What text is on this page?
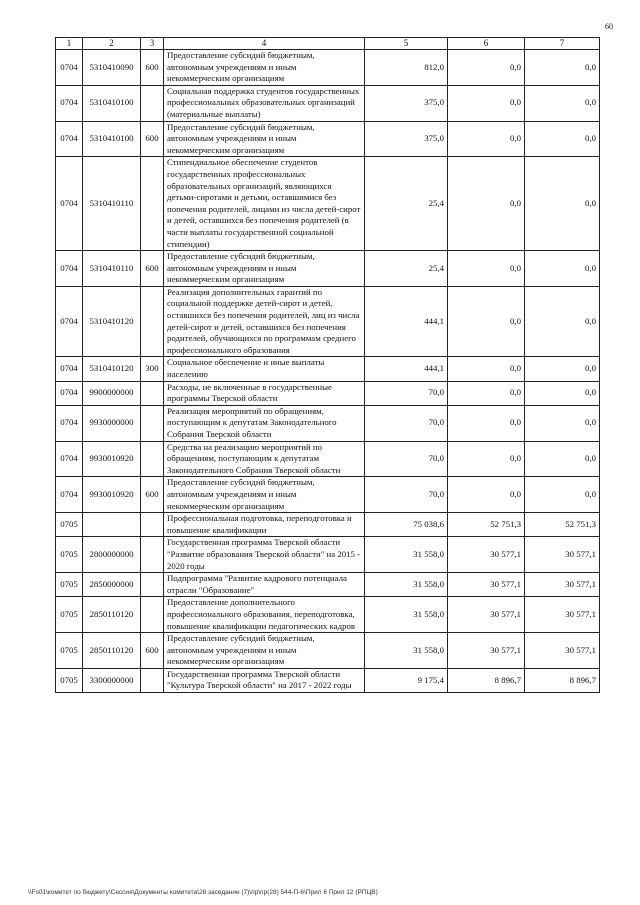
60
1	2	3	4	5	6	7
0704	5310410090	600	Предоставление субсидий бюджетным, автономным учреждениям и иным некоммерческим организациям	812,0	0,0	0,0
0704	5310410100		Социальная поддержка студентов государственных профессиональных образовательных организаций (материальные выплаты)	375,0	0,0	0,0
0704	5310410100	600	Предоставление субсидий бюджетным, автономным учреждениям и иным некоммерческим организациям	375,0	0,0	0,0
0704	5310410110		Стипендиальное обеспечение студентов государственных профессиональных образовательных организаций, являющихся детьми-сиротами и детьми, оставшимися без попечения родителей, лицами из числа детей-сирот и детей, оставшихся без попечения родителей (в части выплаты государственной социальной стипендии)	25,4	0,0	0,0
0704	5310410110	600	Предоставление субсидий бюджетным, автономным учреждениям и иным некоммерческим организациям	25,4	0,0	0,0
0704	5310410120		Реализация дополнительных гарантий по социальной поддержке детей-сирот и детей, оставшихся без попечения родителей, лиц из числа детей-сирот и детей, оставшихся без попечения родителей, обучающихся по программам среднего профессионального образования	444,1	0,0	0,0
0704	5310410120	300	Социальное обеспечение и иные выплаты населению	444,1	0,0	0,0
0704	9900000000		Расходы, не включенные в государственные программы Тверской области	70,0	0,0	0,0
0704	9930000000		Реализация мероприятий по обращениям, поступающим к депутатам Законодательного Собрания Тверской области	70,0	0,0	0,0
0704	9930010920		Средства на реализацию мероприятий по обращениям, поступающим к депутатам Законодательного Собрания Тверской области	70,0	0,0	0,0
0704	9930010920	600	Предоставление субсидий бюджетным, автономным учреждениям и иным некоммерческим организациям	70,0	0,0	0,0
0705			Профессиональная подготовка, переподготовка и повышение квалификации	75 038,6	52 751,3	52 751,3
0705	2800000000		Государственная программа Тверской области "Развитие образования Тверской области" на 2015 - 2020 годы	31 558,0	30 577,1	30 577,1
0705	2850000000		Подпрограмма "Развитие кадрового потенциала отрасли "Образование"	31 558,0	30 577,1	30 577,1
0705	2850110120		Предоставление дополнительного профессионального образования, переподготовка, повышение квалификации педагогических кадров	31 558,0	30 577,1	30 577,1
0705	2850110120	600	Предоставление субсидий бюджетным, автономным учреждениям и иным некоммерческим организациям	31 558,0	30 577,1	30 577,1
0705	3300000000		Государственная программа Тверской области "Культура Тверской области" на 2017 - 2022 годы	9 175,4	8 896,7	8 896,7
\\Fs01\комитет по бюджету\Сессия\Документы комитета\28 заседание (7)\пр\пр(28) 544-П-6\Прил 6 Прил 12 (РПЦВ)
